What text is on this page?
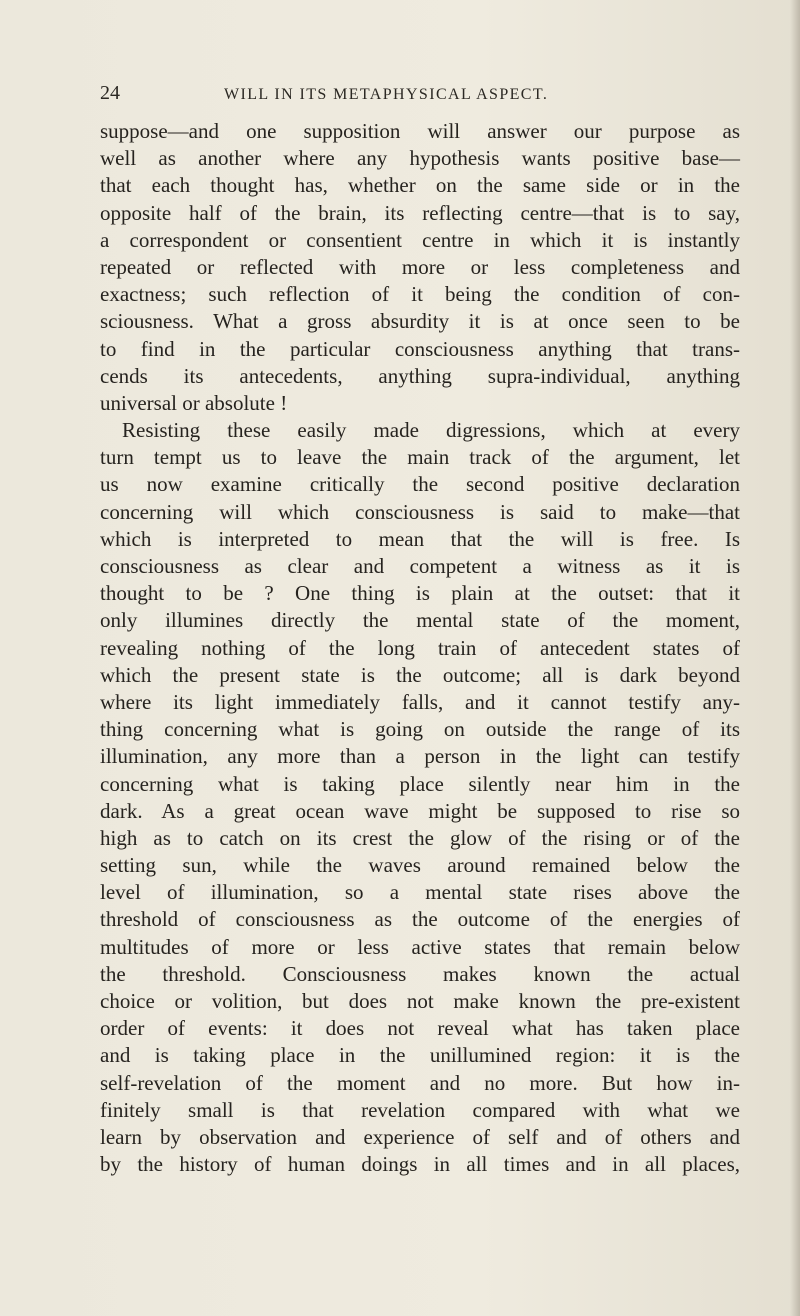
24	WILL IN ITS METAPHYSICAL ASPECT.
suppose—and one supposition will answer our purpose as
well as another where any hypothesis wants positive base—
that each thought has, whether on the same side or in the
opposite half of the brain, its reflecting centre—that is to say,
a correspondent or consentient centre in which it is instantly
repeated or reflected with more or less completeness and
exactness; such reflection of it being the condition of con-
sciousness. What a gross absurdity it is at once seen to be
to find in the particular consciousness anything that trans-
cends its antecedents, anything supra-individual, anything
universal or absolute !
Resisting these easily made digressions, which at every
turn tempt us to leave the main track of the argument, let
us now examine critically the second positive declaration
concerning will which consciousness is said to make—that
which is interpreted to mean that the will is free. Is
consciousness as clear and competent a witness as it is
thought to be ? One thing is plain at the outset: that it
only illumines directly the mental state of the moment,
revealing nothing of the long train of antecedent states of
which the present state is the outcome; all is dark beyond
where its light immediately falls, and it cannot testify any-
thing concerning what is going on outside the range of its
illumination, any more than a person in the light can testify
concerning what is taking place silently near him in the
dark. As a great ocean wave might be supposed to rise so
high as to catch on its crest the glow of the rising or of the
setting sun, while the waves around remained below the
level of illumination, so a mental state rises above the
threshold of consciousness as the outcome of the energies of
multitudes of more or less active states that remain below
the threshold. Consciousness makes known the actual
choice or volition, but does not make known the pre-existent
order of events: it does not reveal what has taken place
and is taking place in the unillumined region: it is the
self-revelation of the moment and no more. But how in-
finitely small is that revelation compared with what we
learn by observation and experience of self and of others and
by the history of human doings in all times and in all places,
